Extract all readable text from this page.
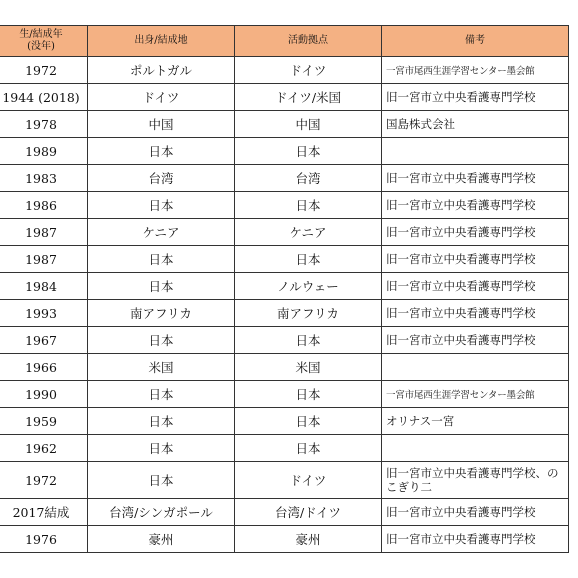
生/結成年
(没年)	出身/結成地	活動拠点	備考
1972	ポルトガル	ドイツ	一宮市尾西生涯学習センター墨会館
1944 (2018)	ドイツ	ドイツ/米国	旧一宮市立中央看護専門学校
1978	中国	中国	国島株式会社
1989	日本	日本	
1983	台湾	台湾	旧一宮市立中央看護専門学校
1986	日本	日本	旧一宮市立中央看護専門学校
1987	ケニア	ケニア	旧一宮市立中央看護専門学校
1987	日本	日本	旧一宮市立中央看護専門学校
1984	日本	ノルウェー	旧一宮市立中央看護専門学校
1993	南アフリカ	南アフリカ	旧一宮市立中央看護専門学校
1967	日本	日本	旧一宮市立中央看護専門学校
1966	米国	米国	
1990	日本	日本	一宮市尾西生涯学習センター墨会館
1959	日本	日本	オリナス一宮
1962	日本	日本	
1972	日本	ドイツ	旧一宮市立中央看護専門学校、のこぎり二
2017結成	台湾/シンガポール	台湾/ドイツ	旧一宮市立中央看護専門学校
1976	豪州	豪州	旧一宮市立中央看護専門学校
